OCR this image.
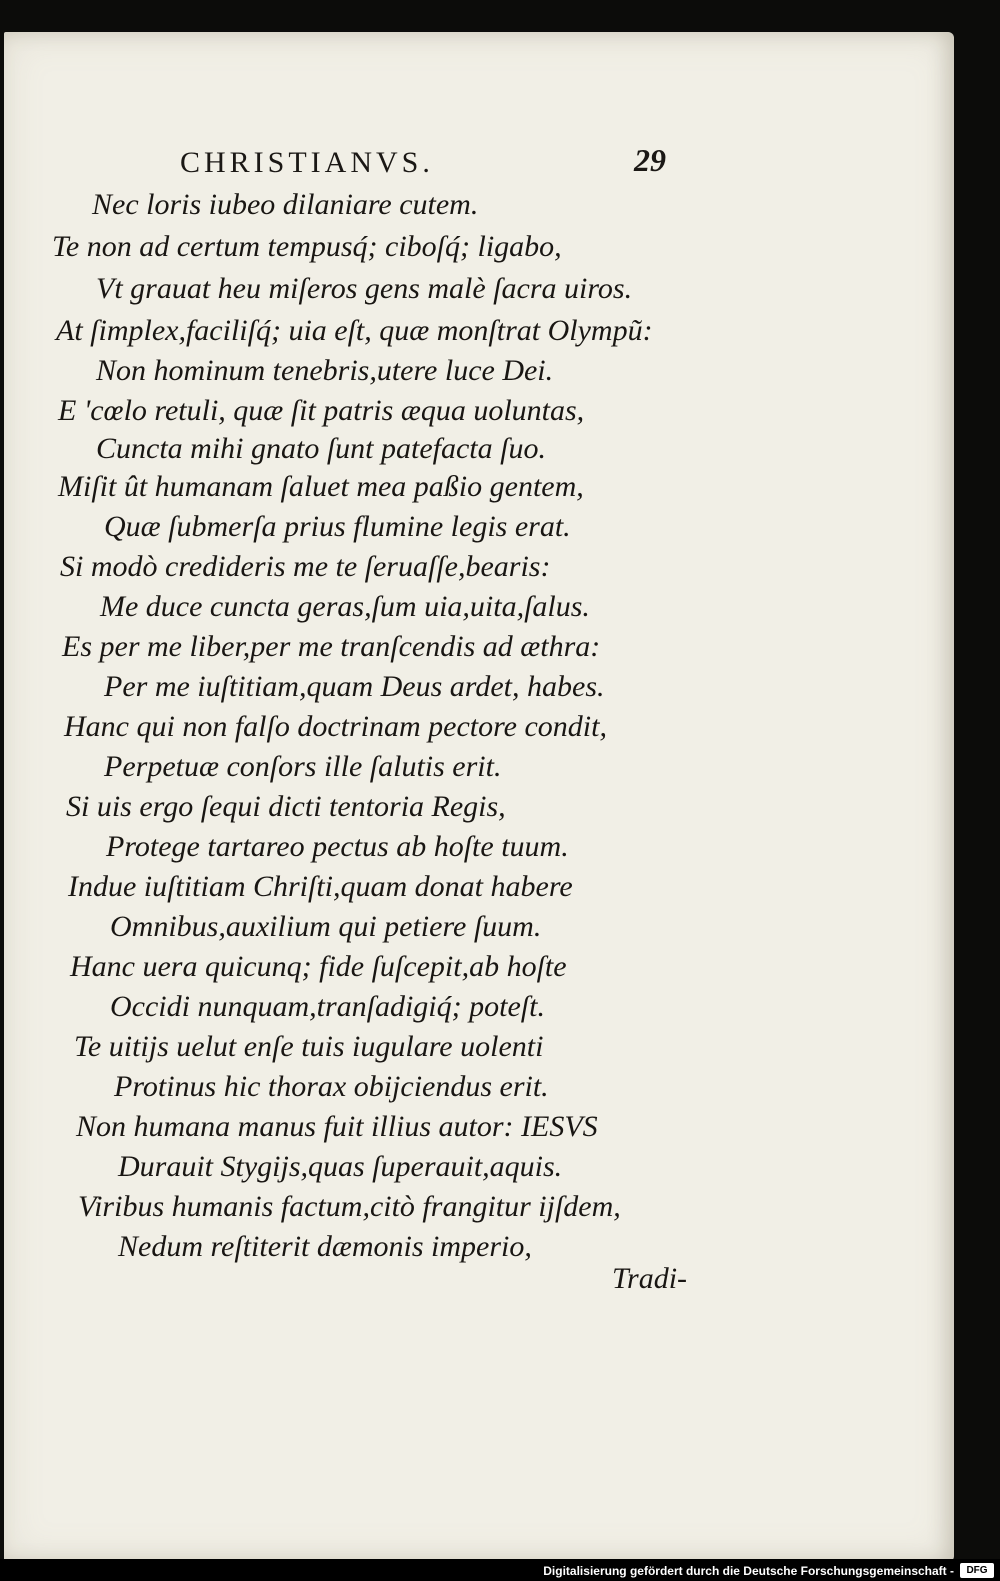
CHRISTIANVS.	29
Nec loris iubeo dilaniare cutem.
Te non ad certum tempusq́; ciboſq́; ligabo,
Vt grauat heu miſeros gens malè ſacra uiros.
At ſimplex,faciliſq́; uia eſt, quæ monſtrat Olympũ:
Non hominum tenebris,utere luce Dei.
E 'cœlo retuli, quæ ſit patris æqua uoluntas,
Cuncta mihi gnato ſunt patefacta ſuo.
Miſit ût humanam ſaluet mea paßio gentem,
Quæ ſubmerſa prius flumine legis erat.
Si modò credideris me te ſeruaſſe,bearis:
Me duce cuncta geras,ſum uia,uita,ſalus.
Es per me liber,per me tranſcendis ad æthra:
Per me iuſtitiam,quam Deus ardet, habes.
Hanc qui non falſo doctrinam pectore condit,
Perpetuæ conſors ille ſalutis erit.
Si uis ergo ſequi dicti tentoria Regis,
Protege tartareo pectus ab hoſte tuum.
Indue iuſtitiam Chriſti,quam donat habere
Omnibus,auxilium qui petiere ſuum.
Hanc uera quicunq; fide ſuſcepit,ab hoſte
Occidi nunquam,tranſadigiq́; poteſt.
Te uitijs uelut enſe tuis iugulare uolenti
Protinus hic thorax obijciendus erit.
Non humana manus fuit illius autor: IESVS
Durauit Stygijs,quas ſuperauit,aquis.
Viribus humanis factum,citò frangitur ijſdem,
Nedum reſtiterit dæmonis imperio,
Tradi-
Digitalisierung gefördert durch die Deutsche Forschungsgemeinschaft -	DFG
